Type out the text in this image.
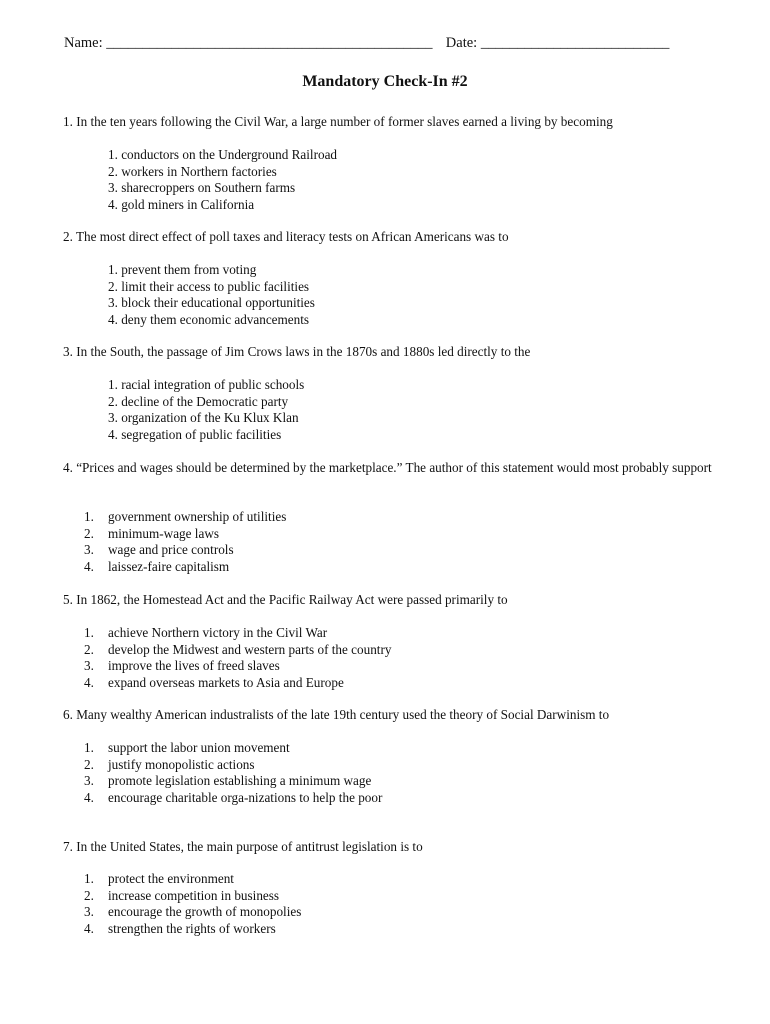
Name: _____________________________________________ Date: __________________________
Mandatory Check-In #2
1. In the ten years following the Civil War, a large number of former slaves earned a living by becoming
1. conductors on the Underground Railroad
2. workers in Northern factories
3. sharecroppers on Southern farms
4. gold miners in California
2. The most direct effect of poll taxes and literacy tests on African Americans was to
1. prevent them from voting
2. limit their access to public facilities
3. block their educational opportunities
4. deny them economic advancements
3. In the South, the passage of Jim Crows laws in the 1870s and 1880s led directly to the
1. racial integration of public schools
2. decline of the Democratic party
3. organization of the Ku Klux Klan
4. segregation of public facilities
4. “Prices and wages should be determined by the marketplace.” The author of this statement would most probably support
1. government ownership of utilities
2. minimum-wage laws
3. wage and price controls
4. laissez-faire capitalism
5. In 1862, the Homestead Act and the Pacific Railway Act were passed primarily to
1. achieve Northern victory in the Civil War
2. develop the Midwest and western parts of the country
3. improve the lives of freed slaves
4. expand overseas markets to Asia and Europe
6. Many wealthy American industralists of the late 19th century used the theory of Social Darwinism to
1. support the labor union movement
2. justify monopolistic actions
3. promote legislation establishing a minimum wage
4. encourage charitable orga-nizations to help the poor
7. In the United States, the main purpose of antitrust legislation is to
1. protect the environment
2. increase competition in business
3. encourage the growth of monopolies
4. strengthen the rights of workers
